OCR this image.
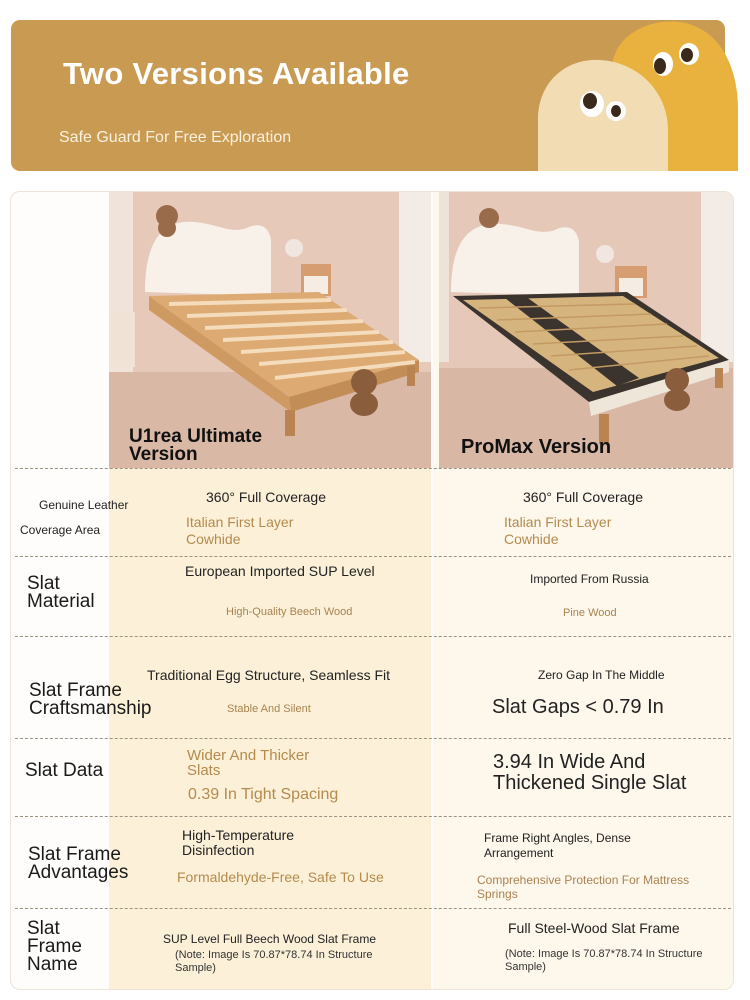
Two Versions Available

Safe Guard For Free Exploration

U1rea Ultimate Version	ProMax Version

Genuine Leather

Coverage Area

360° Full Coverage

Italian First Layer Cowhide

360° Full Coverage

Italian First Layer Cowhide

Slat Material

European Imported SUP Level

High-Quality Beech Wood

Imported From Russia

Pine Wood

Slat Frame Craftsmanship

Traditional Egg Structure, Seamless Fit

Stable And Silent

Zero Gap In The Middle

Slat Gaps < 0.79 In

Slat Data

Wider And Thicker Slats

0.39 In Tight Spacing

3.94 In Wide And Thickened Single Slat

Slat Frame Advantages

High-Temperature Disinfection

Formaldehyde-Free, Safe To Use

Frame Right Angles, Dense Arrangement

Comprehensive Protection For Mattress Springs

Slat Frame Name

SUP Level Full Beech Wood Slat Frame

(Note: Image Is 70.87*78.74 In Structure Sample)

Full Steel-Wood Slat Frame

(Note: Image Is 70.87*78.74 In Structure Sample)
